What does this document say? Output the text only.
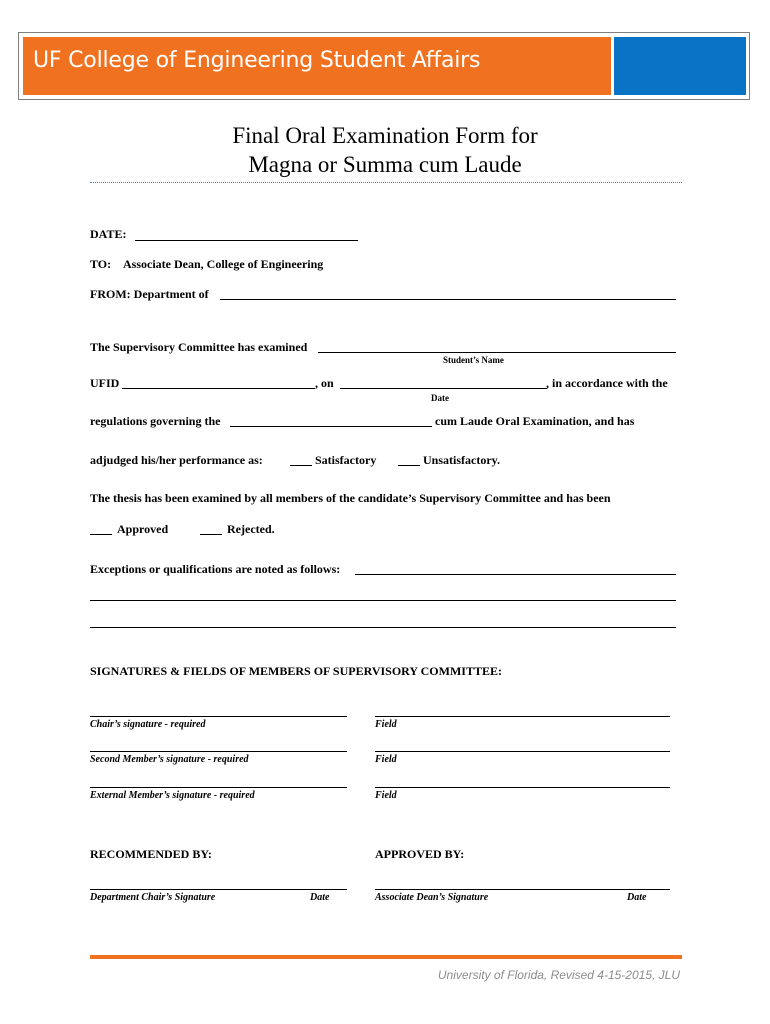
UF College of Engineering Student Affairs
Final Oral Examination Form for
Magna or Summa cum Laude
DATE:
TO: Associate Dean, College of Engineering
FROM: Department of
The Supervisory Committee has examined
Student’s Name
UFID	, on	, in accordance with the
Date
regulations governing the	cum Laude Oral Examination, and has
adjudged his/her performance as:	Satisfactory	Unsatisfactory.
The thesis has been examined by all members of the candidate’s Supervisory Committee and has been
Approved	Rejected.
Exceptions or qualifications are noted as follows:
SIGNATURES & FIELDS OF MEMBERS OF SUPERVISORY COMMITTEE:
Chair’s signature - required	Field
Second Member’s signature - required	Field
External Member’s signature - required	Field
RECOMMENDED BY:	APPROVED BY:
Department Chair’s Signature	Date	Associate Dean’s Signature	Date
University of Florida, Revised 4-15-2015, JLU
